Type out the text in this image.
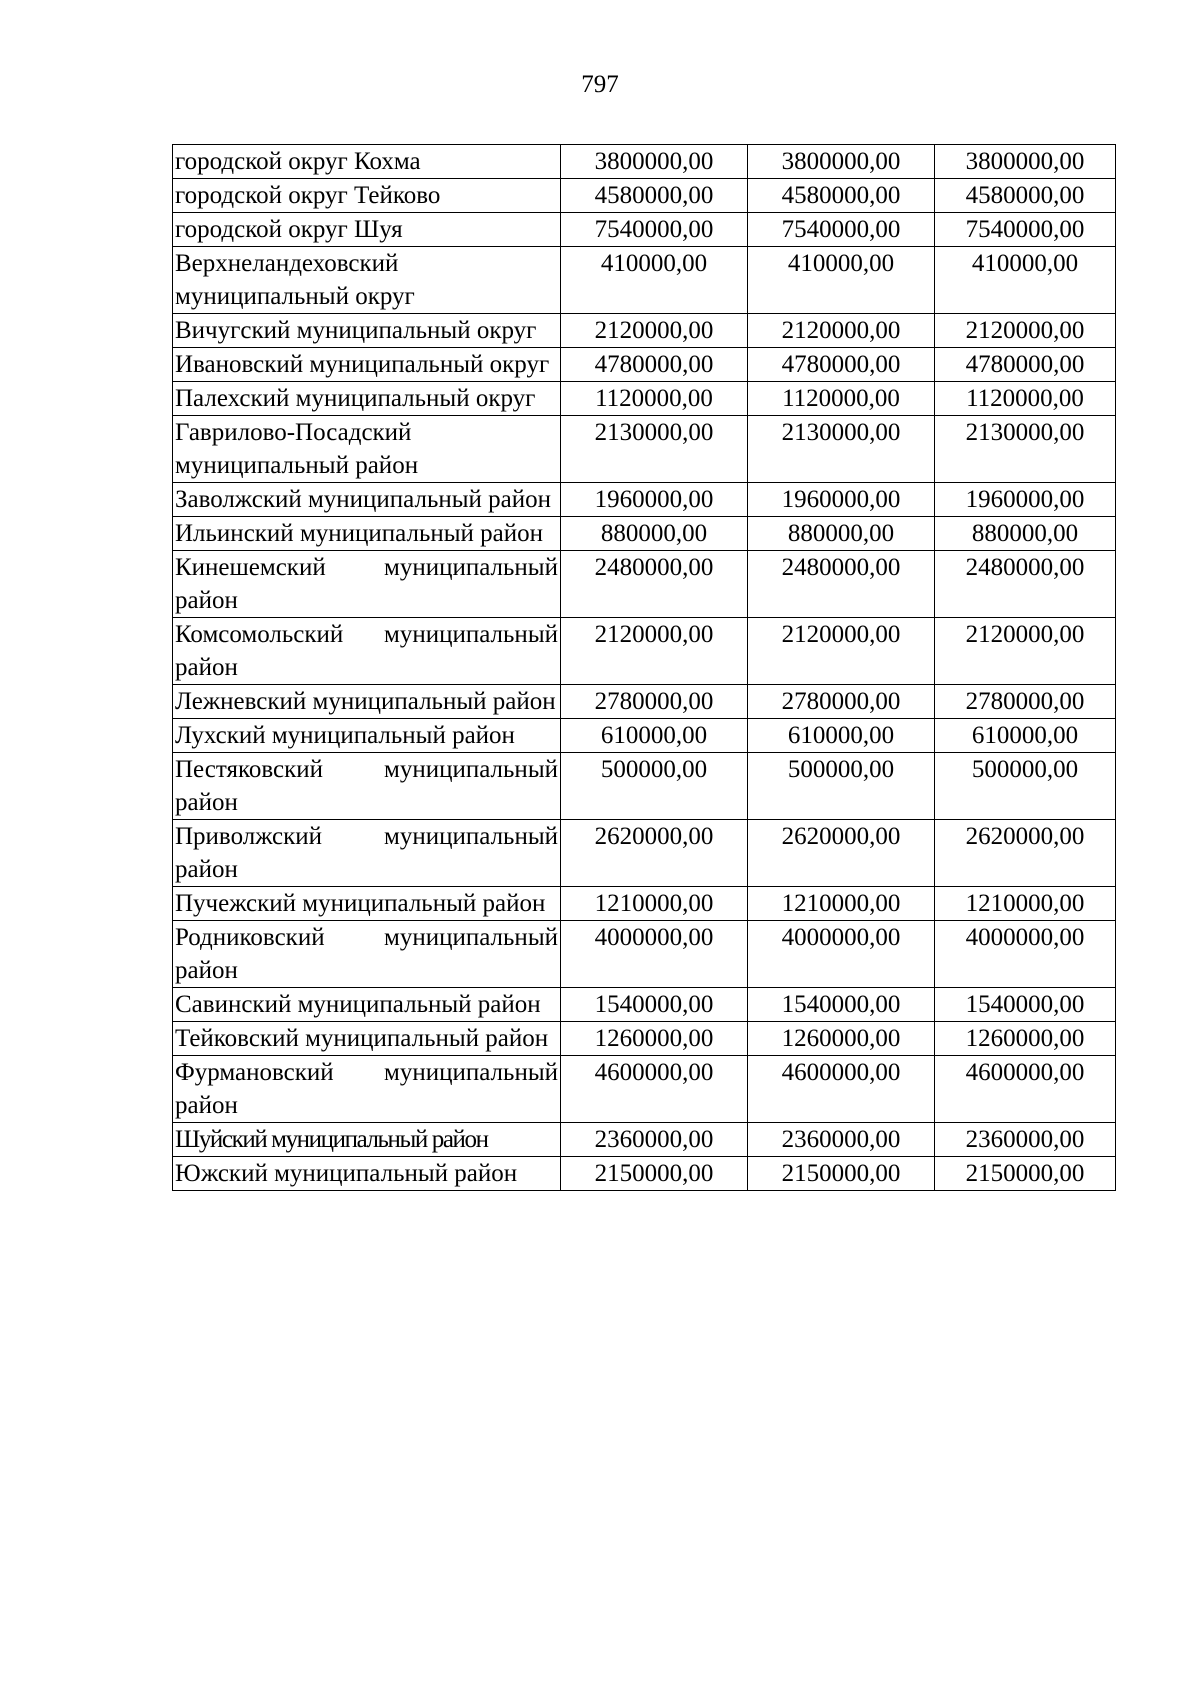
797
городской округ Кохма	3800000,00	3800000,00	3800000,00
городской округ Тейково	4580000,00	4580000,00	4580000,00
городской округ Шуя	7540000,00	7540000,00	7540000,00
Верхнеландеховский муниципальный округ	410000,00	410000,00	410000,00
Вичугский муниципальный округ	2120000,00	2120000,00	2120000,00
Ивановский муниципальный округ	4780000,00	4780000,00	4780000,00
Палехский муниципальный округ	1120000,00	1120000,00	1120000,00
Гаврилово-Посадский муниципальный район	2130000,00	2130000,00	2130000,00
Заволжский муниципальный район	1960000,00	1960000,00	1960000,00
Ильинский муниципальный район	880000,00	880000,00	880000,00
Кинешемский муниципальный район	2480000,00	2480000,00	2480000,00
Комсомольский муниципальный район	2120000,00	2120000,00	2120000,00
Лежневский муниципальный район	2780000,00	2780000,00	2780000,00
Лухский муниципальный район	610000,00	610000,00	610000,00
Пестяковский муниципальный район	500000,00	500000,00	500000,00
Приволжский муниципальный район	2620000,00	2620000,00	2620000,00
Пучежский муниципальный район	1210000,00	1210000,00	1210000,00
Родниковский муниципальный район	4000000,00	4000000,00	4000000,00
Савинский муниципальный район	1540000,00	1540000,00	1540000,00
Тейковский муниципальный район	1260000,00	1260000,00	1260000,00
Фурмановский муниципальный район	4600000,00	4600000,00	4600000,00
Шуйский муниципальный район	2360000,00	2360000,00	2360000,00
Южский муниципальный район	2150000,00	2150000,00	2150000,00
